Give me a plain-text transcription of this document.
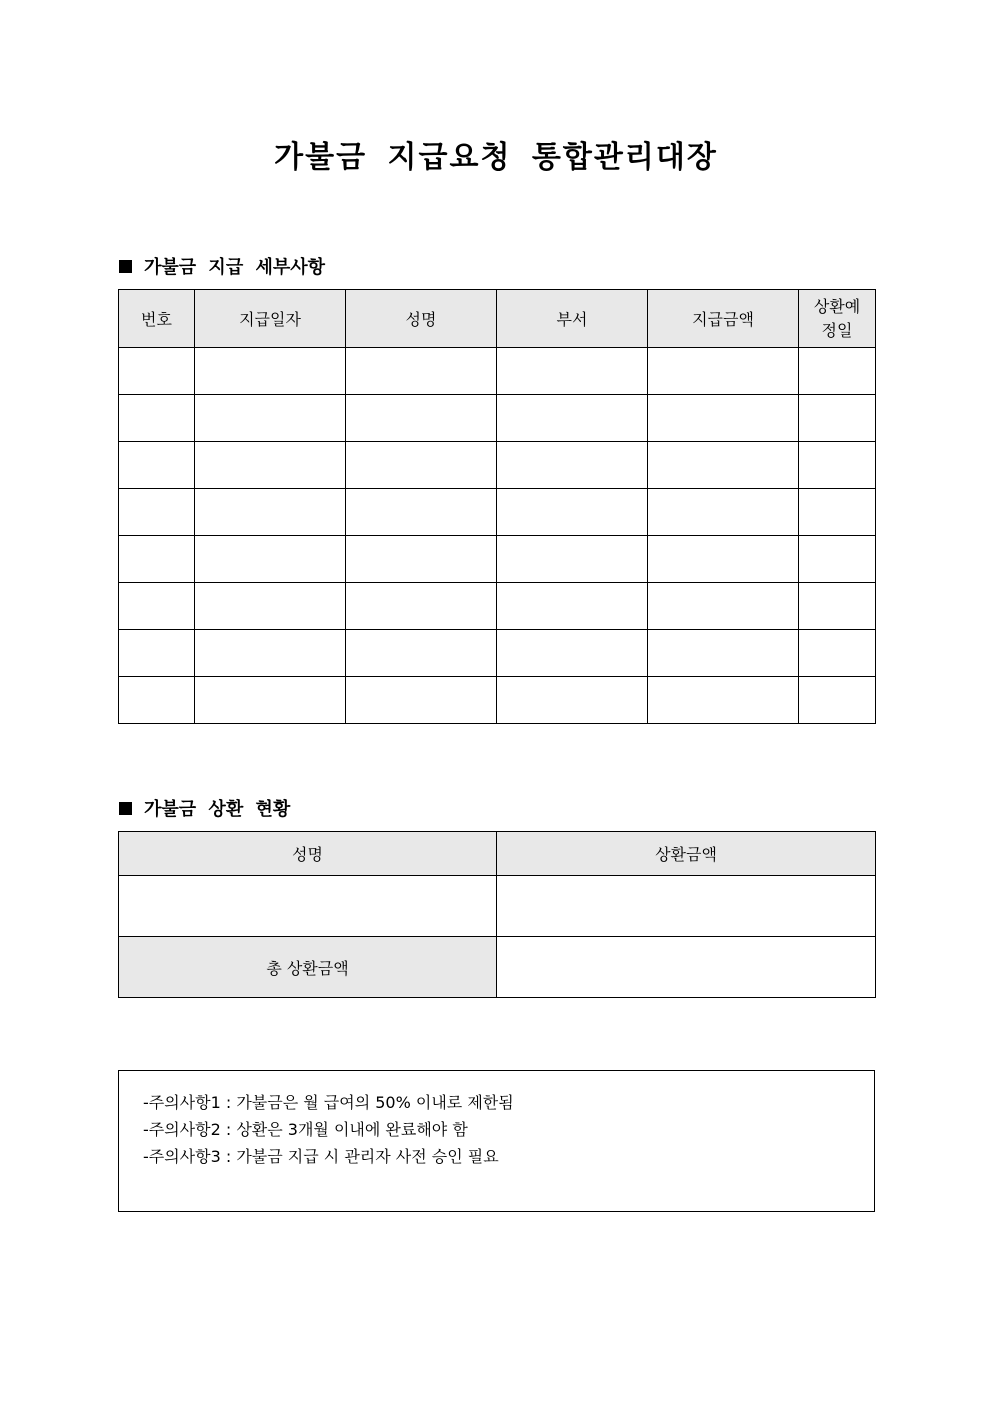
가불금 지급요청 통합관리대장
가불금 지급 세부사항
번호	지급일자	성명	부서	지급금액	상환예
정일

가불금 상환 현황
성명	상환금액

총 상환금액	
-주의사항1 : 가불금은 월 급여의 50% 이내로 제한됨
-주의사항2 : 상환은 3개월 이내에 완료해야 함
-주의사항3 : 가불금 지급 시 관리자 사전 승인 필요
